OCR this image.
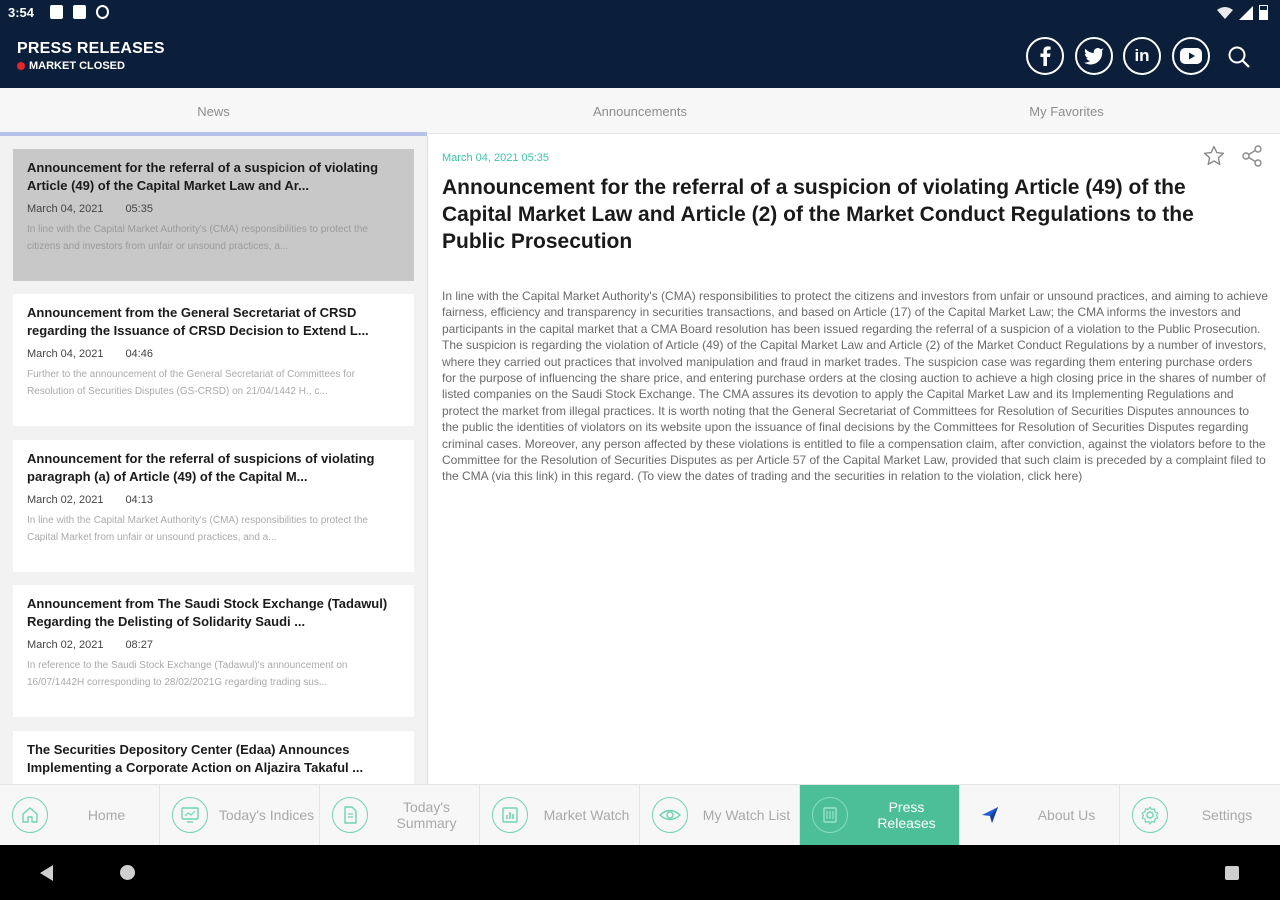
3:54
PRESS RELEASES
MARKET CLOSED
in
News	Announcements	My Favorites
Announcement for the referral of a suspicion of violating Article (49) of the Capital Market Law and Ar...
March 04, 2021 05:35
In line with the Capital Market Authority's (CMA) responsibilities to protect the citizens and investors from unfair or unsound practices, a...
Announcement from the General Secretariat of CRSD regarding the Issuance of CRSD Decision to Extend L...
March 04, 2021 04:46
Further to the announcement of the General Secretariat of Committees for Resolution of Securities Disputes (GS-CRSD) on 21/04/1442 H., c...
Announcement for the referral of suspicions of violating paragraph (a) of Article (49) of the Capital M...
March 02, 2021 04:13
In line with the Capital Market Authority's (CMA) responsibilities to protect the Capital Market from unfair or unsound practices, and a...
Announcement from The Saudi Stock Exchange (Tadawul) Regarding the Delisting of Solidarity Saudi ...
March 02, 2021 08:27
In reference to the Saudi Stock Exchange (Tadawul)'s announcement on 16/07/1442H corresponding to 28/02/2021G regarding trading sus...
The Securities Depository Center (Edaa) Announces Implementing a Corporate Action on Aljazira Takaful ...
March 04, 2021 05:35
Announcement for the referral of a suspicion of violating Article (49) of the Capital Market Law and Article (2) of the Market Conduct Regulations to the Public Prosecution
In line with the Capital Market Authority's (CMA) responsibilities to protect the citizens and investors from unfair or unsound practices, and aiming to achieve fairness, efficiency and transparency in securities transactions, and based on Article (17) of the Capital Market Law; the CMA informs the investors and participants in the capital market that a CMA Board resolution has been issued regarding the referral of a suspicion of a violation to the Public Prosecution. The suspicion is regarding the violation of Article (49) of the Capital Market Law and Article (2) of the Market Conduct Regulations by a number of investors, where they carried out practices that involved manipulation and fraud in market trades. The suspicion case was regarding them entering purchase orders for the purpose of influencing the share price, and entering purchase orders at the closing auction to achieve a high closing price in the shares of number of listed companies on the Saudi Stock Exchange. The CMA assures its devotion to apply the Capital Market Law and its Implementing Regulations and protect the market from illegal practices. It is worth noting that the General Secretariat of Committees for Resolution of Securities Disputes announces to the public the identities of violators on its website upon the issuance of final decisions by the Committees for Resolution of Securities Disputes regarding criminal cases. Moreover, any person affected by these violations is entitled to file a compensation claim, after conviction, against the violators before to the Committee for the Resolution of Securities Disputes as per Article 57 of the Capital Market Law, provided that such claim is preceded by a complaint filed to the CMA (via this link) in this regard. (To view the dates of trading and the securities in relation to the violation, click here)
Home	Today's Indices	Today's Summary	Market Watch	My Watch List	Press Releases	About Us	Settings
